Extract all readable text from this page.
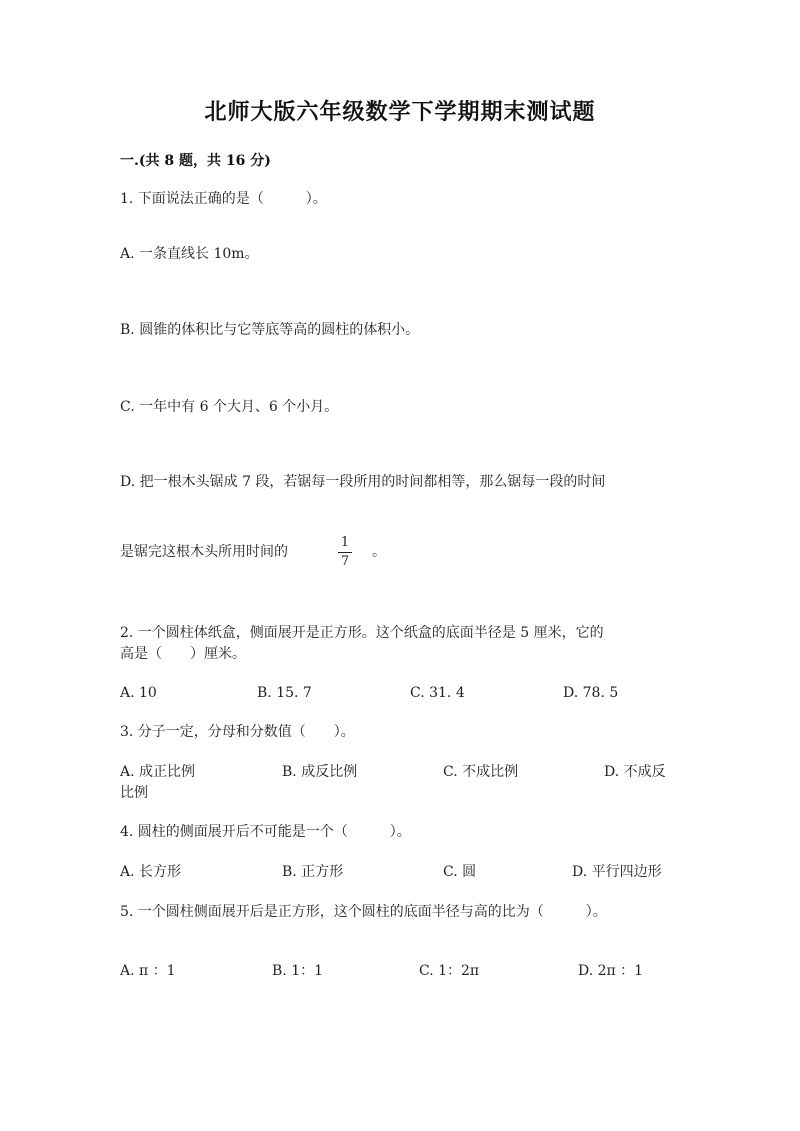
北师大版六年级数学下学期期末测试题
一.(共 8 题，共 16 分)
1. 下面说法正确的是（　　　）。
A. 一条直线长 10m。
B. 圆锥的体积比与它等底等高的圆柱的体积小。
C. 一年中有 6 个大月、6 个小月。
D. 把一根木头锯成 7 段，若锯每一段所用的时间都相等，那么锯每一段的时间
是锯完这根木头所用时间的
1
7
。
2. 一个圆柱体纸盒，侧面展开是正方形。这个纸盒的底面半径是 5 厘米，它的
高是（　　）厘米。
A. 10	B. 15. 7	C. 31. 4	D. 78. 5
3. 分子一定，分母和分数值（　　）。
A. 成正比例	B. 成反比例	C. 不成比例	D. 不成反
比例
4. 圆柱的侧面展开后不可能是一个（　　　）。
A. 长方形	B. 正方形	C. 圆	D. 平行四边形
5. 一个圆柱侧面展开后是正方形，这个圆柱的底面半径与高的比为（　　　）。
A. π ：1	B. 1：1	C. 1：2π	D. 2π ：1
